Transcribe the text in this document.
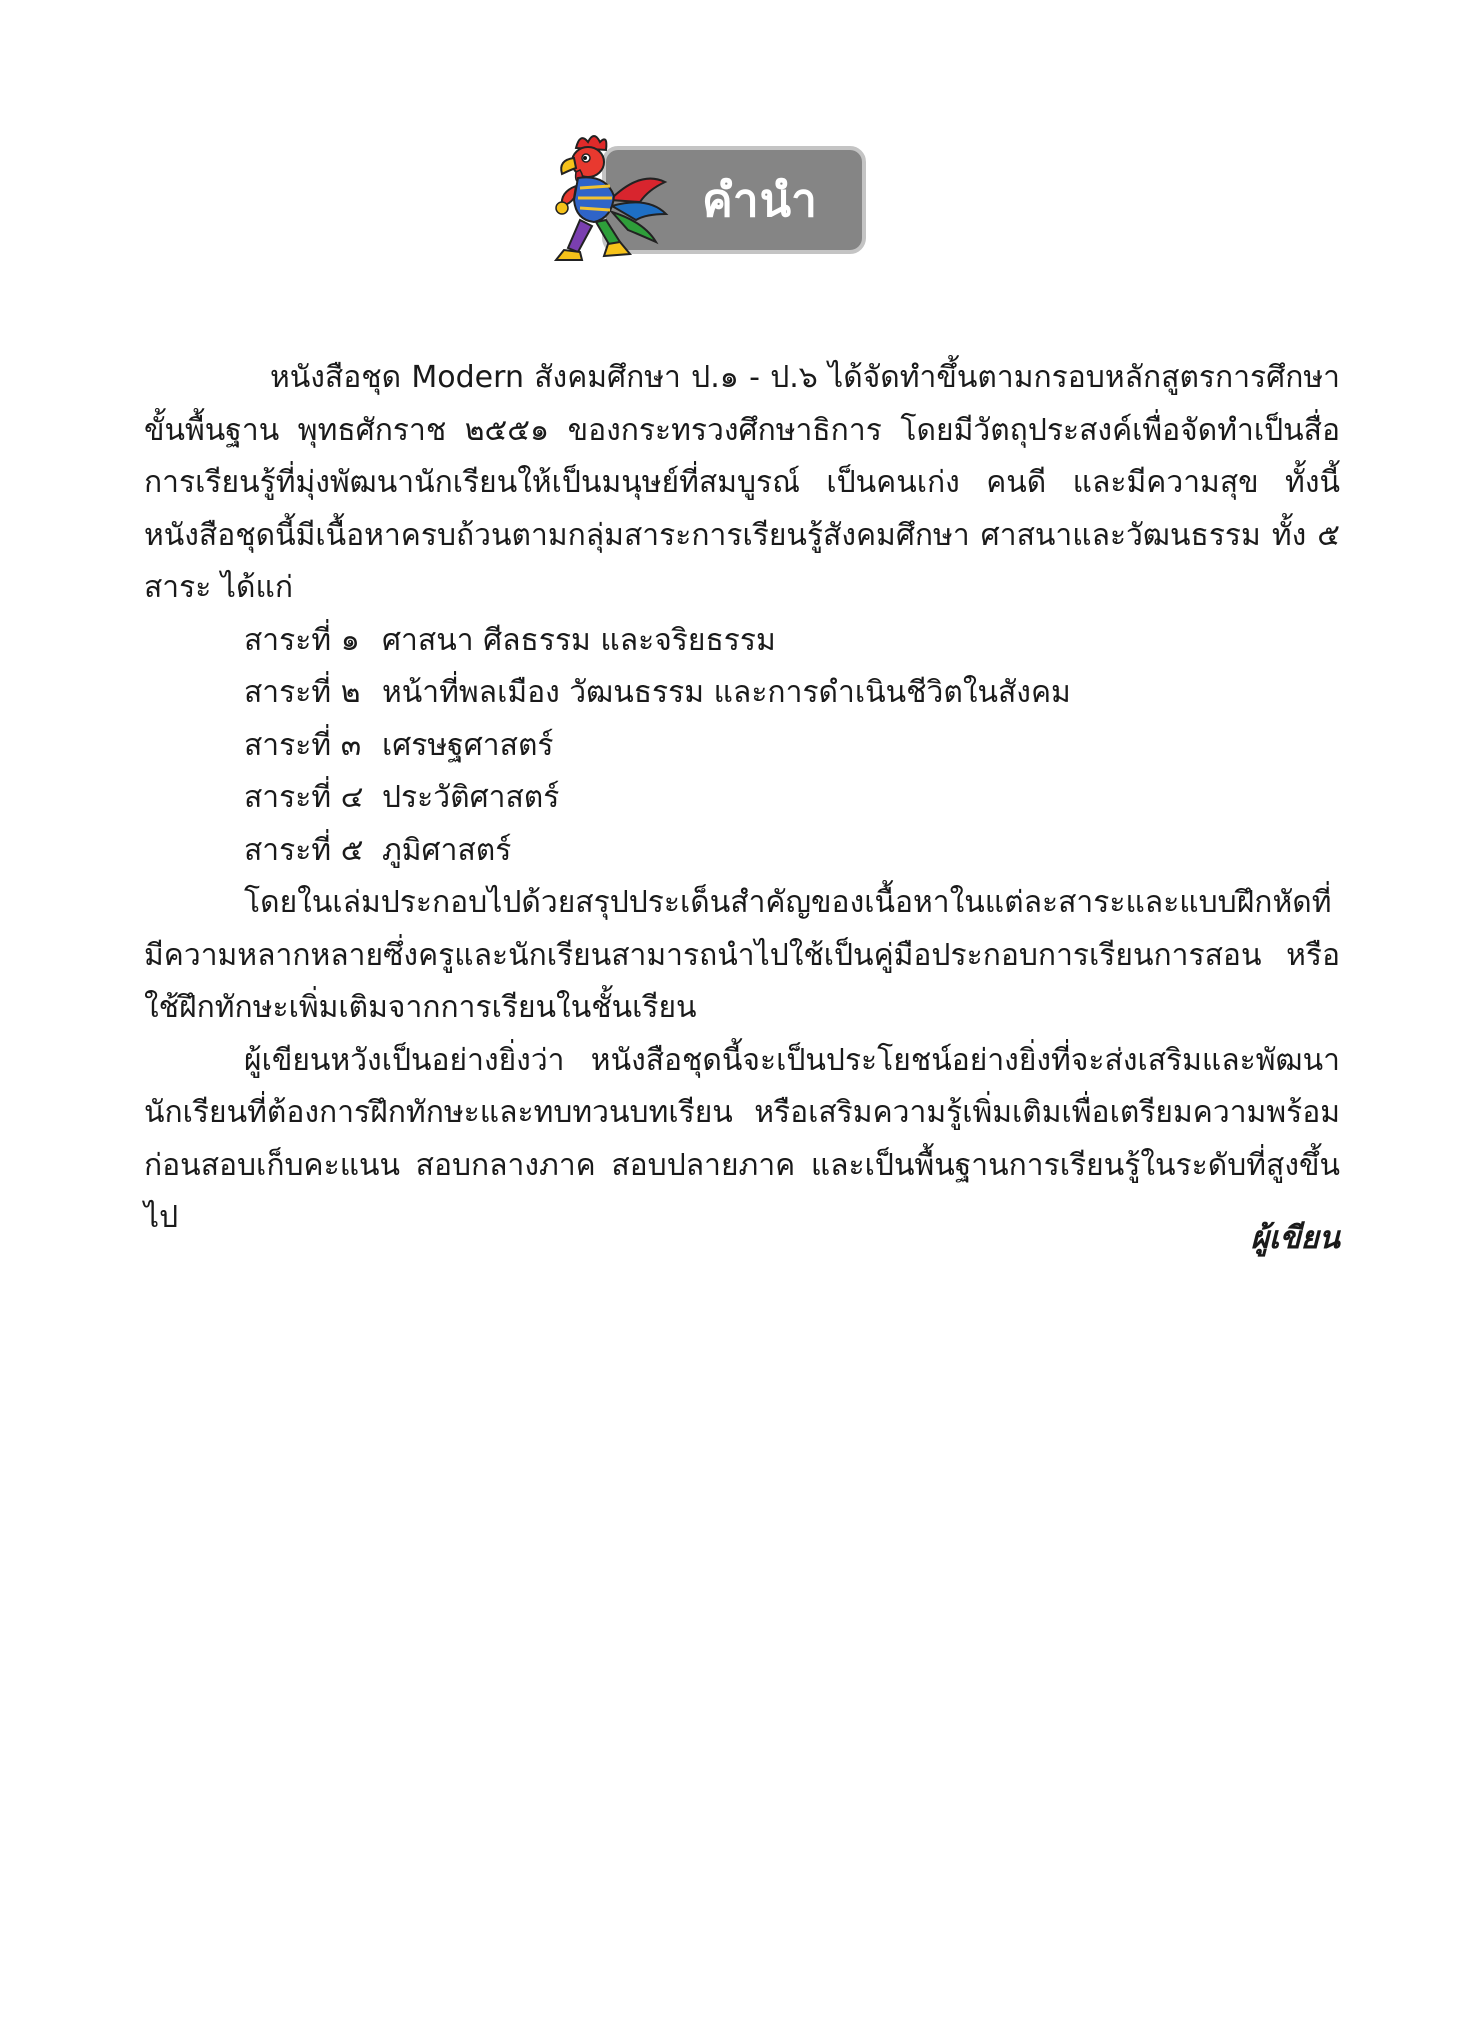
คำนำ

หนังสือชุด Modern สังคมศึกษา ป.๑ - ป.๖ ได้จัดทำขึ้นตามกรอบหลักสูตรการศึกษาขั้นพื้นฐาน พุทธศักราช ๒๕๕๑ ของกระทรวงศึกษาธิการ โดยมีวัตถุประสงค์เพื่อจัดทำเป็นสื่อการเรียนรู้ที่มุ่งพัฒนานักเรียนให้เป็นมนุษย์ที่สมบูรณ์ เป็นคนเก่ง คนดี และมีความสุข ทั้งนี้หนังสือชุดนี้มีเนื้อหาครบถ้วนตามกลุ่มสาระการเรียนรู้สังคมศึกษา ศาสนาและวัฒนธรรม ทั้ง ๕ สาระ ได้แก่

สาระที่ ๑ ศาสนา ศีลธรรม และจริยธรรม

สาระที่ ๒ หน้าที่พลเมือง วัฒนธรรม และการดำเนินชีวิตในสังคม

สาระที่ ๓ เศรษฐศาสตร์

สาระที่ ๔ ประวัติศาสตร์

สาระที่ ๕ ภูมิศาสตร์

โดยในเล่มประกอบไปด้วยสรุปประเด็นสำคัญของเนื้อหาในแต่ละสาระและแบบฝึกหัดที่มีความหลากหลายซึ่งครูและนักเรียนสามารถนำไปใช้เป็นคู่มือประกอบการเรียนการสอน หรือใช้ฝึกทักษะเพิ่มเติมจากการเรียนในชั้นเรียน

ผู้เขียนหวังเป็นอย่างยิ่งว่า หนังสือชุดนี้จะเป็นประโยชน์อย่างยิ่งที่จะส่งเสริมและพัฒนานักเรียนที่ต้องการฝึกทักษะและทบทวนบทเรียน หรือเสริมความรู้เพิ่มเติมเพื่อเตรียมความพร้อมก่อนสอบเก็บคะแนน สอบกลางภาค สอบปลายภาค และเป็นพื้นฐานการเรียนรู้ในระดับที่สูงขึ้นไป

ผู้เขียน
